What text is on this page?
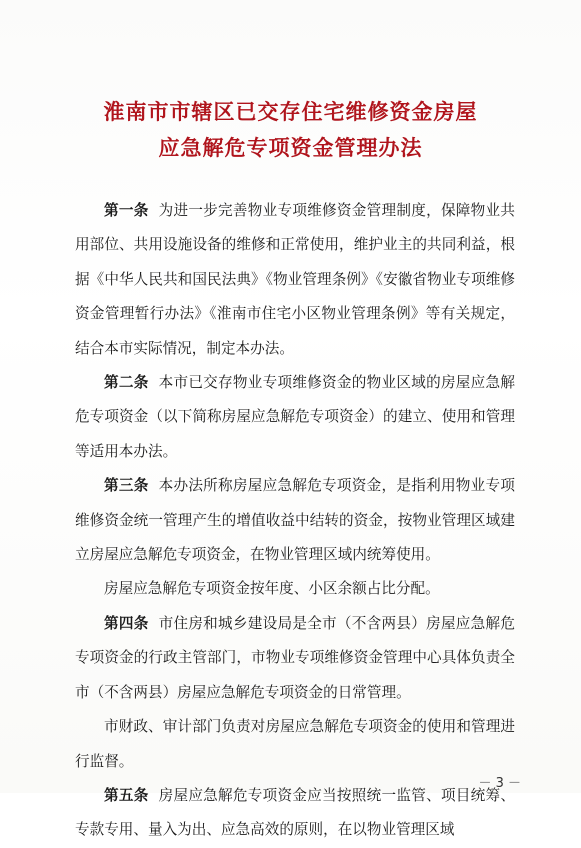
淮南市市辖区已交存住宅维修资金房屋
应急解危专项资金管理办法

第一条 为进一步完善物业专项维修资金管理制度，保障物业共用部位、共用设施设备的维修和正常使用，维护业主的共同利益，根据《中华人民共和国民法典》《物业管理条例》《安徽省物业专项维修资金管理暂行办法》《淮南市住宅小区物业管理条例》等有关规定，结合本市实际情况，制定本办法。

第二条 本市已交存物业专项维修资金的物业区域的房屋应急解危专项资金（以下简称房屋应急解危专项资金）的建立、使用和管理等适用本办法。

第三条 本办法所称房屋应急解危专项资金，是指利用物业专项维修资金统一管理产生的增值收益中结转的资金，按物业管理区域建立房屋应急解危专项资金，在物业管理区域内统筹使用。

房屋应急解危专项资金按年度、小区余额占比分配。

第四条 市住房和城乡建设局是全市（不含两县）房屋应急解危专项资金的行政主管部门，市物业专项维修资金管理中心具体负责全市（不含两县）房屋应急解危专项资金的日常管理。

市财政、审计部门负责对房屋应急解危专项资金的使用和管理进行监督。

第五条 房屋应急解危专项资金应当按照统一监管、项目统筹、专款专用、量入为出、应急高效的原则，在以物业管理区域

－ 3 －
